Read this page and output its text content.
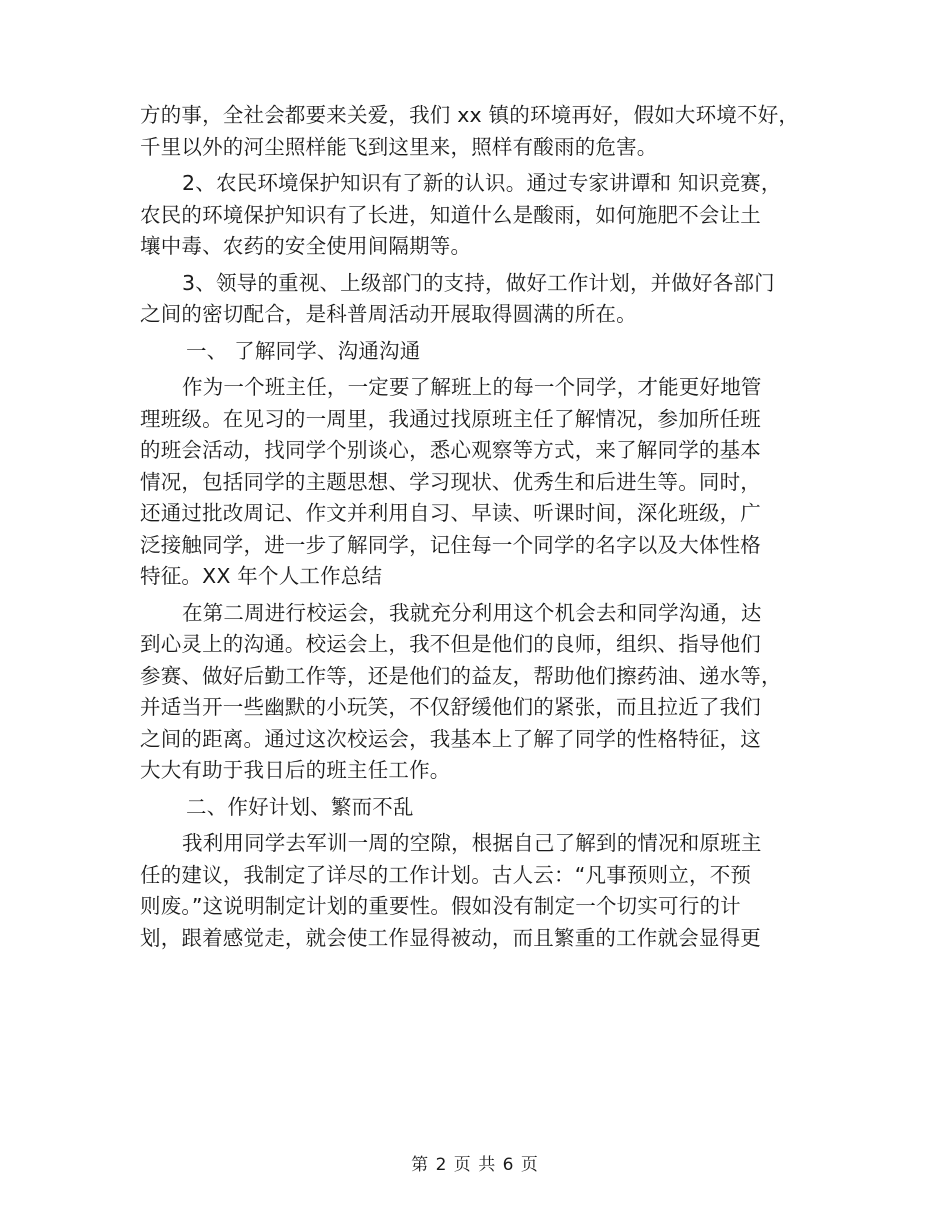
方的事，全社会都要来关爱，我们 xx 镇的环境再好，假如大环境不好，
千里以外的河尘照样能飞到这里来，照样有酸雨的危害。
2、农民环境保护知识有了新的认识。通过专家讲谭和 知识竞赛，
农民的环境保护知识有了长进，知道什么是酸雨，如何施肥不会让土
壤中毒、农药的安全使用间隔期等。
3、领导的重视、上级部门的支持，做好工作计划，并做好各部门
之间的密切配合，是科普周活动开展取得圆满的所在。
一、 了解同学、沟通沟通
作为一个班主任，一定要了解班上的每一个同学，才能更好地管
理班级。在见习的一周里，我通过找原班主任了解情况，参加所任班
的班会活动，找同学个别谈心，悉心观察等方式，来了解同学的基本
情况，包括同学的主题思想、学习现状、优秀生和后进生等。同时，
还通过批改周记、作文并利用自习、早读、听课时间，深化班级，广
泛接触同学，进一步了解同学，记住每一个同学的名字以及大体性格
特征。XX 年个人工作总结
在第二周进行校运会，我就充分利用这个机会去和同学沟通，达
到心灵上的沟通。校运会上，我不但是他们的良师，组织、指导他们
参赛、做好后勤工作等，还是他们的益友，帮助他们擦药油、递水等，
并适当开一些幽默的小玩笑，不仅舒缓他们的紧张，而且拉近了我们
之间的距离。通过这次校运会，我基本上了解了同学的性格特征，这
大大有助于我日后的班主任工作。
二、作好计划、繁而不乱
我利用同学去军训一周的空隙，根据自己了解到的情况和原班主
任的建议，我制定了详尽的工作计划。古人云：“凡事预则立，不预
则废。”这说明制定计划的重要性。假如没有制定一个切实可行的计
划，跟着感觉走，就会使工作显得被动，而且繁重的工作就会显得更
第 2 页 共 6 页
